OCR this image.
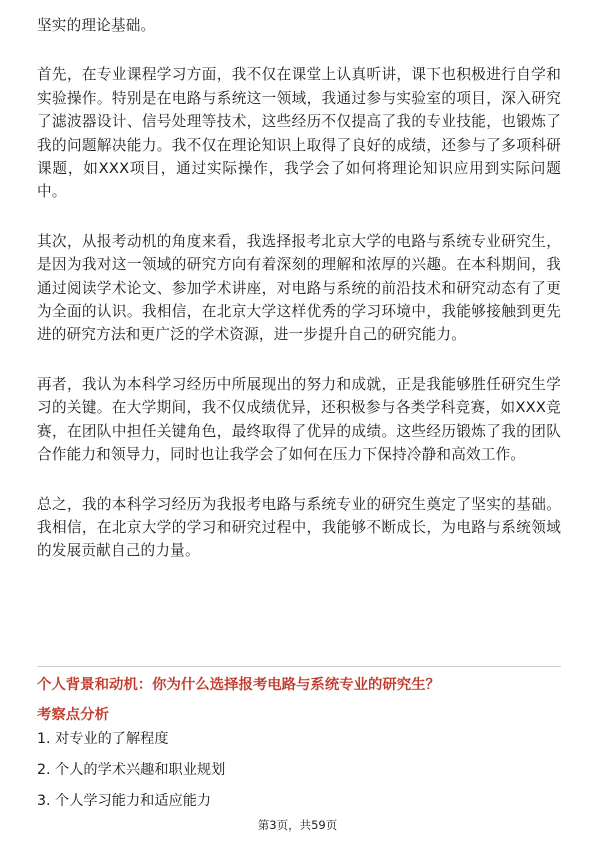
坚实的理论基础。

首先，在专业课程学习方面，我不仅在课堂上认真听讲，课下也积极进行自学和实验操作。特别是在电路与系统这一领域，我通过参与实验室的项目，深入研究了滤波器设计、信号处理等技术，这些经历不仅提高了我的专业技能，也锻炼了我的问题解决能力。我不仅在理论知识上取得了良好的成绩，还参与了多项科研课题，如XXX项目，通过实际操作，我学会了如何将理论知识应用到实际问题中。

其次，从报考动机的角度来看，我选择报考北京大学的电路与系统专业研究生，是因为我对这一领域的研究方向有着深刻的理解和浓厚的兴趣。在本科期间，我通过阅读学术论文、参加学术讲座，对电路与系统的前沿技术和研究动态有了更为全面的认识。我相信，在北京大学这样优秀的学习环境中，我能够接触到更先进的研究方法和更广泛的学术资源，进一步提升自己的研究能力。

再者，我认为本科学习经历中所展现出的努力和成就，正是我能够胜任研究生学习的关键。在大学期间，我不仅成绩优异，还积极参与各类学科竞赛，如XXX竞赛，在团队中担任关键角色，最终取得了优异的成绩。这些经历锻炼了我的团队合作能力和领导力，同时也让我学会了如何在压力下保持冷静和高效工作。

总之，我的本科学习经历为我报考电路与系统专业的研究生奠定了坚实的基础。我相信，在北京大学的学习和研究过程中，我能够不断成长，为电路与系统领域的发展贡献自己的力量。

个人背景和动机：你为什么选择报考电路与系统专业的研究生？

考察点分析

1. 对专业的了解程度
2. 个人的学术兴趣和职业规划
3. 个人学习能力和适应能力
第3页，共59页
